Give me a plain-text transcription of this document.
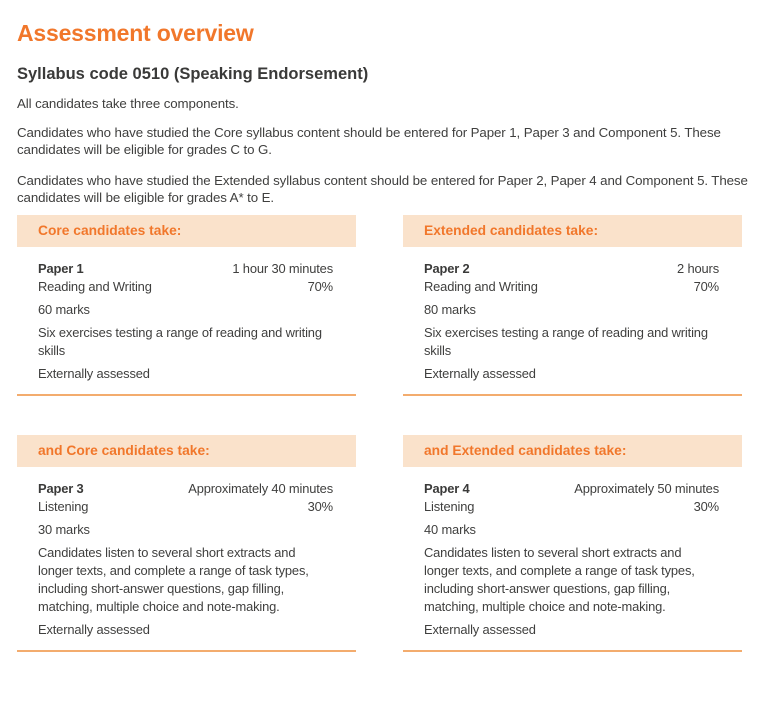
Assessment overview
Syllabus code 0510 (Speaking Endorsement)

All candidates take three components.

Candidates who have studied the Core syllabus content should be entered for Paper 1, Paper 3 and Component 5. These candidates will be eligible for grades C to G.

Candidates who have studied the Extended syllabus content should be entered for Paper 2, Paper 4 and Component 5. These candidates will be eligible for grades A* to E.

Core candidates take:
Paper 1	1 hour 30 minutes
Reading and Writing	70%
60 marks
Six exercises testing a range of reading and writing skills
Externally assessed
Extended candidates take:
Paper 2	2 hours
Reading and Writing	70%
80 marks
Six exercises testing a range of reading and writing skills
Externally assessed
and Core candidates take:
Paper 3	Approximately 40 minutes
Listening	30%
30 marks
Candidates listen to several short extracts and longer texts, and complete a range of task types, including short-answer questions, gap filling, matching, multiple choice and note-making.
Externally assessed
and Extended candidates take:
Paper 4	Approximately 50 minutes
Listening	30%
40 marks
Candidates listen to several short extracts and longer texts, and complete a range of task types, including short-answer questions, gap filling, matching, multiple choice and note-making.
Externally assessed
